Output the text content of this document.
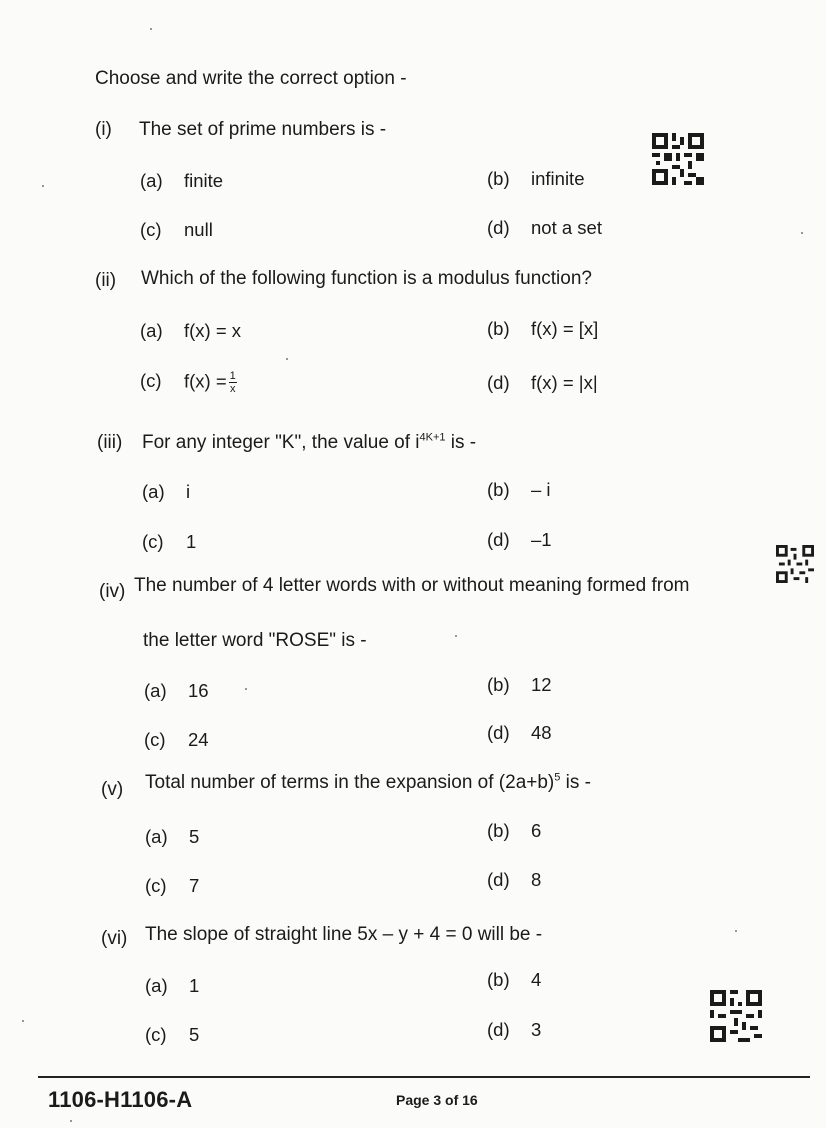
Choose and write the correct option -
(i) The set of prime numbers is -
(a) finite	(b) infinite
(c) null	(d) not a set
(ii) Which of the following function is a modulus function?
(a) f(x) = x	(b) f(x) = [x]
(c) $f(x) = \frac{1}{x}$	(d) f(x) = |x|
(iii) For any integer "K", the value of $i^{4K+1}$ is -
(a) i	(b) – i
(c) 1	(d) –1
(iv) The number of 4 letter words with or without meaning formed from
the letter word "ROSE" is -
(a) 16	(b) 12
(c) 24	(d) 48
(v) Total number of terms in the expansion of $(2a+b)^5$ is -
(a) 5	(b) 6
(c) 7	(d) 8
(vi) The slope of straight line 5x – y + 4 = 0 will be -
(a) 1	(b) 4
(c) 5	(d) 3
1106-H1106-A	Page 3 of 16
